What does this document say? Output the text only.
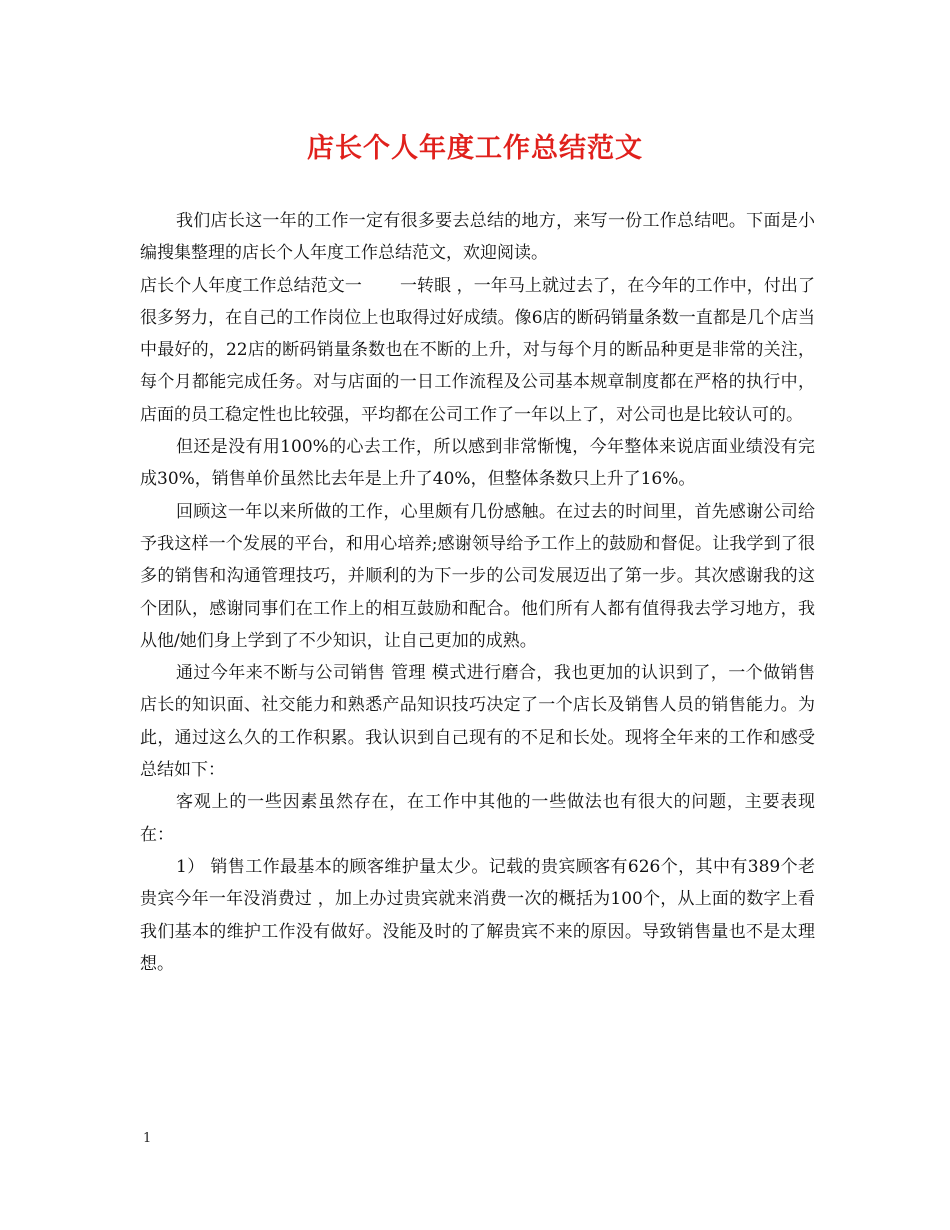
店长个人年度工作总结范文

我们店长这一年的工作一定有很多要去总结的地方，来写一份工作总结吧。下面是小编搜集整理的店长个人年度工作总结范文，欢迎阅读。

店长个人年度工作总结范文一 一转眼 ，一年马上就过去了，在今年的工作中，付出了很多努力，在自己的工作岗位上也取得过好成绩。像6店的断码销量条数一直都是几个店当中最好的，22店的断码销量条数也在不断的上升，对与每个月的断品种更是非常的关注，每个月都能完成任务。对与店面的一日工作流程及公司基本规章制度都在严格的执行中，店面的员工稳定性也比较强，平均都在公司工作了一年以上了，对公司也是比较认可的。

但还是没有用100%的心去工作，所以感到非常惭愧，今年整体来说店面业绩没有完成30%，销售单价虽然比去年是上升了40%，但整体条数只上升了16%。

回顾这一年以来所做的工作，心里颇有几份感触。在过去的时间里，首先感谢公司给予我这样一个发展的平台，和用心培养;感谢领导给予工作上的鼓励和督促。让我学到了很多的销售和沟通管理技巧，并顺利的为下一步的公司发展迈出了第一步。其次感谢我的这个团队，感谢同事们在工作上的相互鼓励和配合。他们所有人都有值得我去学习地方，我从他/她们身上学到了不少知识，让自己更加的成熟。

通过今年来不断与公司销售 管理 模式进行磨合，我也更加的认识到了，一个做销售店长的知识面、社交能力和熟悉产品知识技巧决定了一个店长及销售人员的销售能力。为此，通过这么久的工作积累。我认识到自己现有的不足和长处。现将全年来的工作和感受总结如下：

客观上的一些因素虽然存在，在工作中其他的一些做法也有很大的问题，主要表现在：

1） 销售工作最基本的顾客维护量太少。记载的贵宾顾客有626个，其中有389个老贵宾今年一年没消费过 ，加上办过贵宾就来消费一次的概括为100个，从上面的数字上看我们基本的维护工作没有做好。没能及时的了解贵宾不来的原因。导致销售量也不是太理想。

1
